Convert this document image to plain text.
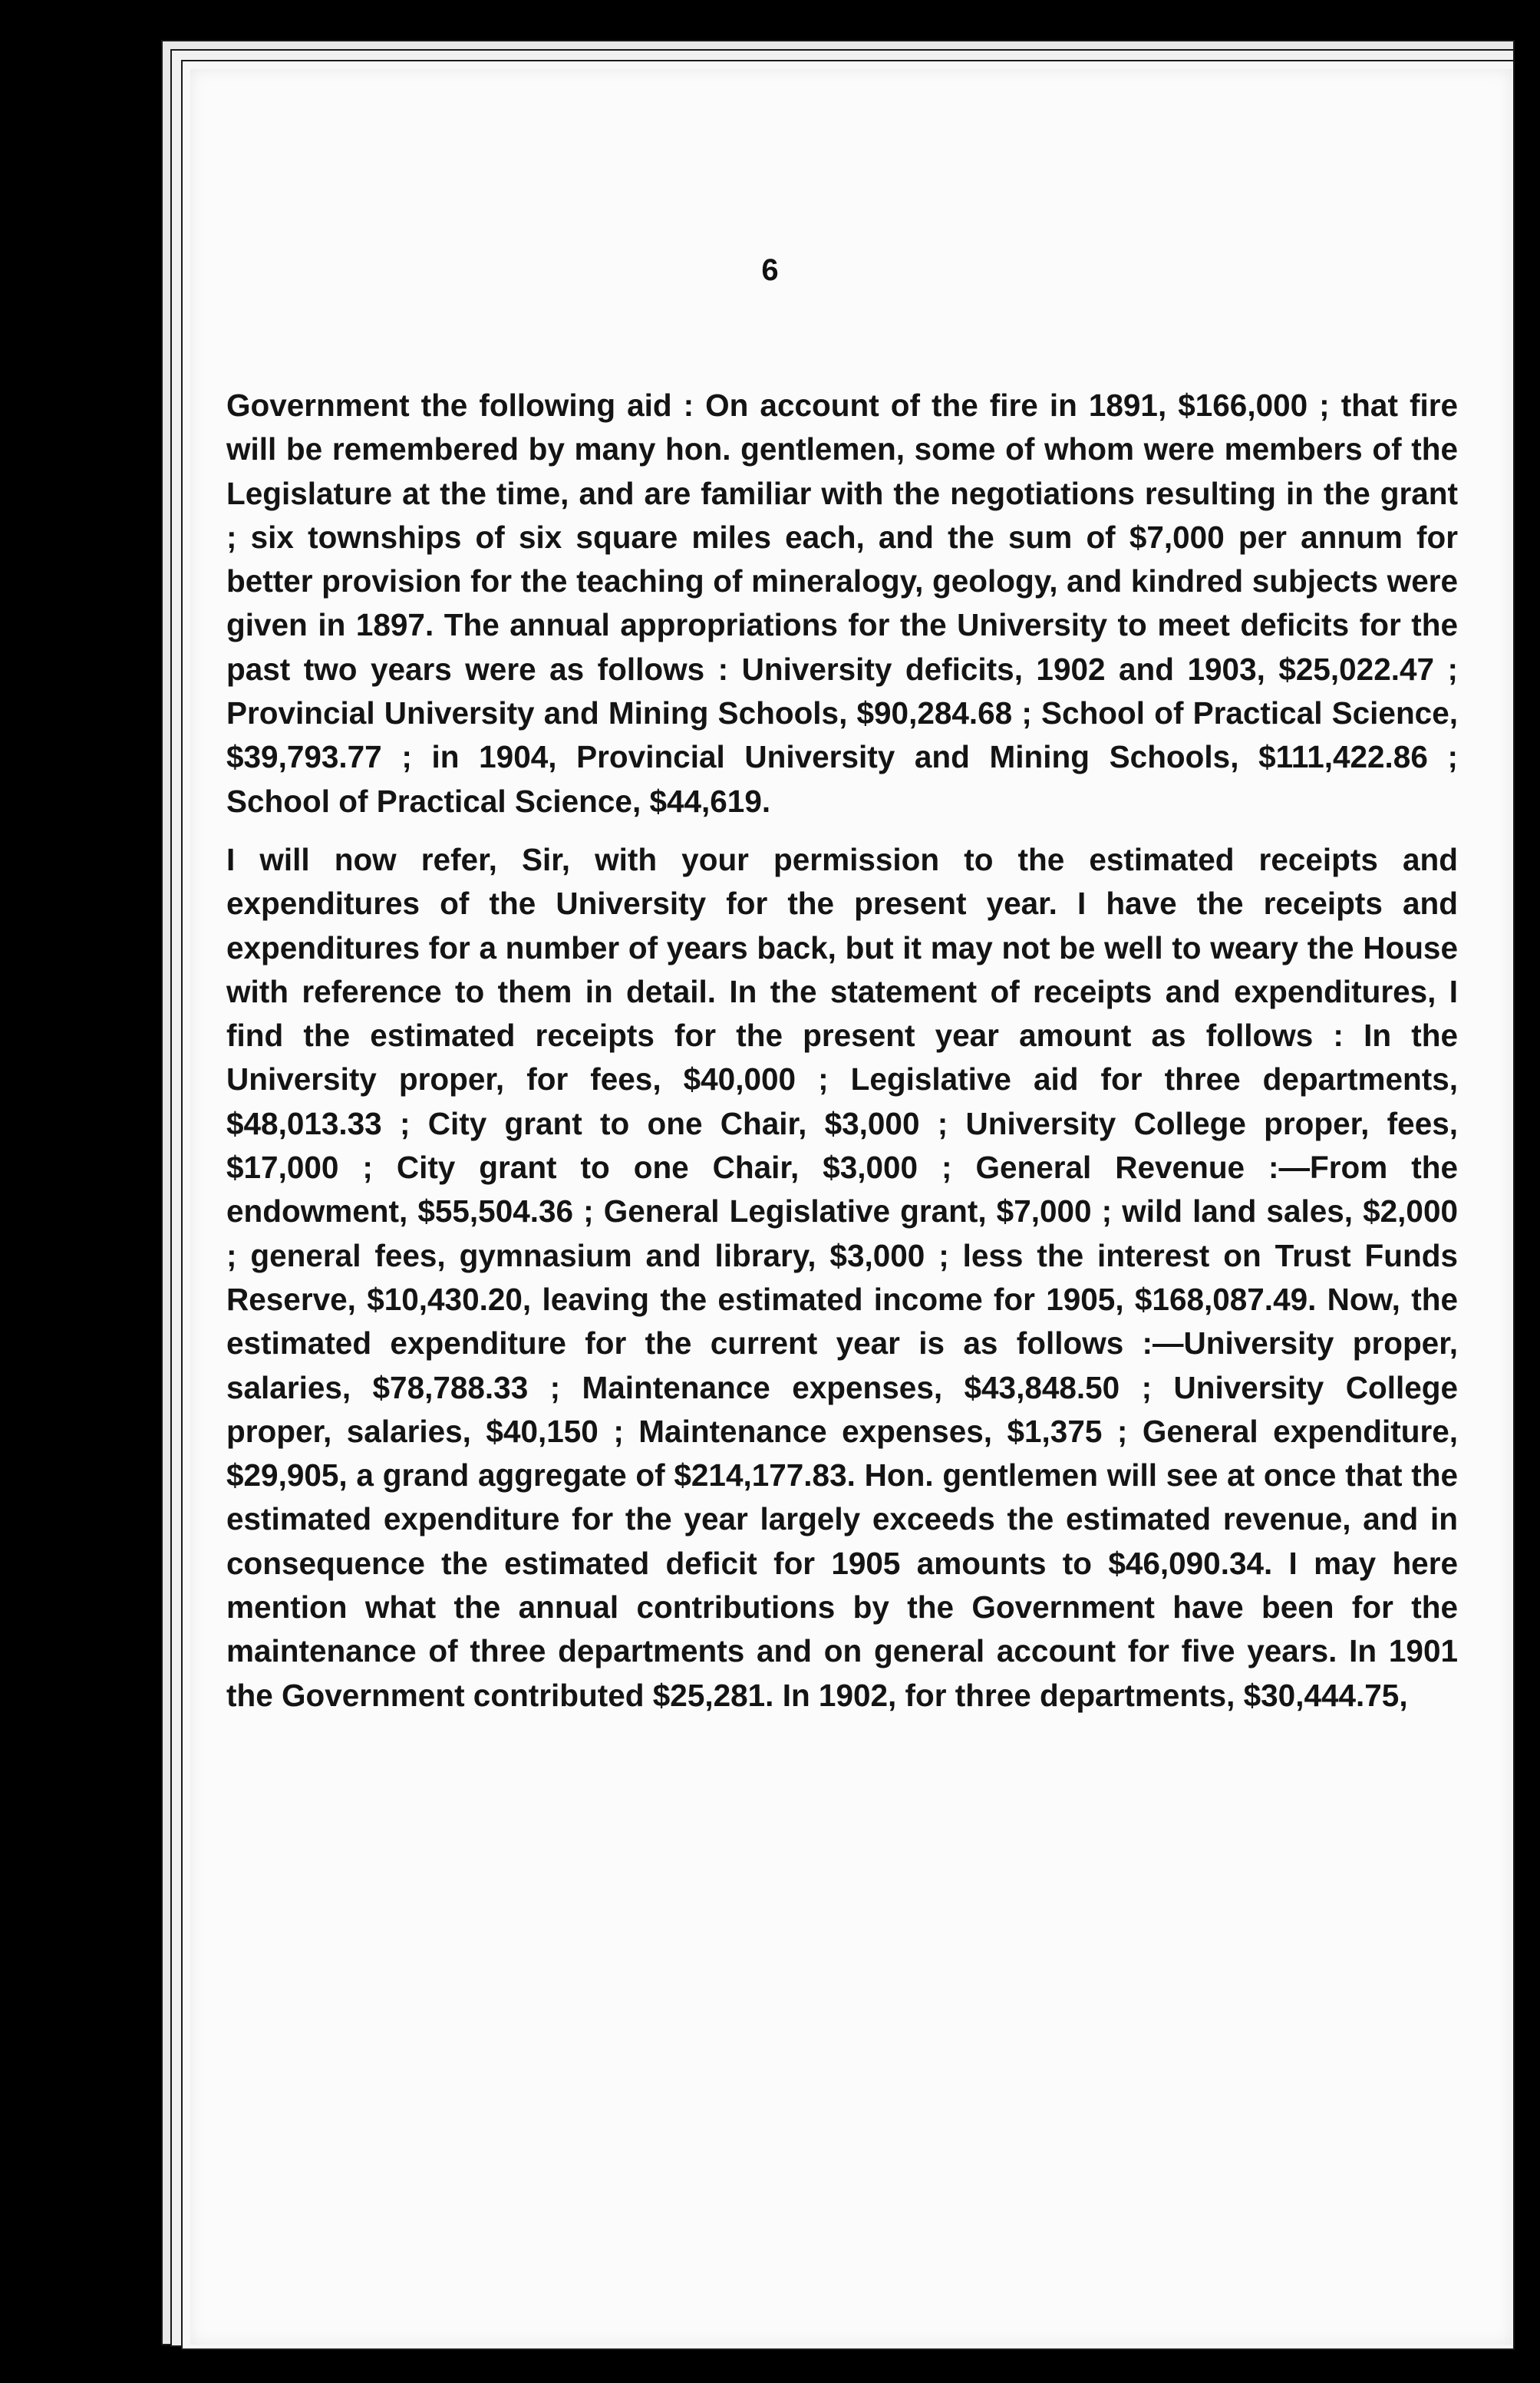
6

Government the following aid : On account of the fire in 1891, $166,000 ; that fire will be remembered by many hon. gentlemen, some of whom were members of the Legislature at the time, and are familiar with the negotiations resulting in the grant ; six townships of six square miles each, and the sum of $7,000 per annum for better provision for the teaching of mineralogy, geology, and kindred subjects were given in 1897. The annual appropriations for the University to meet deficits for the past two years were as follows : University deficits, 1902 and 1903, $25,022.47 ; Provincial University and Mining Schools, $90,284.68 ; School of Practical Science, $39,793.77 ; in 1904, Provincial University and Mining Schools, $111,422.86 ; School of Practical Science, $44,619.

I will now refer, Sir, with your permission to the estimated receipts and expenditures of the University for the present year. I have the receipts and expenditures for a number of years back, but it may not be well to weary the House with reference to them in detail. In the statement of receipts and expenditures, I find the estimated receipts for the present year amount as follows : In the University proper, for fees, $40,000 ; Legislative aid for three departments, $48,013.33 ; City grant to one Chair, $3,000 ; University College proper, fees, $17,000 ; City grant to one Chair, $3,000 ; General Revenue :—From the endowment, $55,504.36 ; General Legislative grant, $7,000 ; wild land sales, $2,000 ; general fees, gymnasium and library, $3,000 ; less the interest on Trust Funds Reserve, $10,430.20, leaving the estimated income for 1905, $168,087.49. Now, the estimated expenditure for the current year is as follows :—University proper, salaries, $78,788.33 ; Maintenance expenses, $43,848.50 ; University College proper, salaries, $40,150 ; Maintenance expenses, $1,375 ; General expenditure, $29,905, a grand aggregate of $214,177.83. Hon. gentlemen will see at once that the estimated expenditure for the year largely exceeds the estimated revenue, and in consequence the estimated deficit for 1905 amounts to $46,090.34. I may here mention what the annual contributions by the Government have been for the maintenance of three departments and on general account for five years. In 1901 the Government contributed $25,281. In 1902, for three departments, $30,444.75,
